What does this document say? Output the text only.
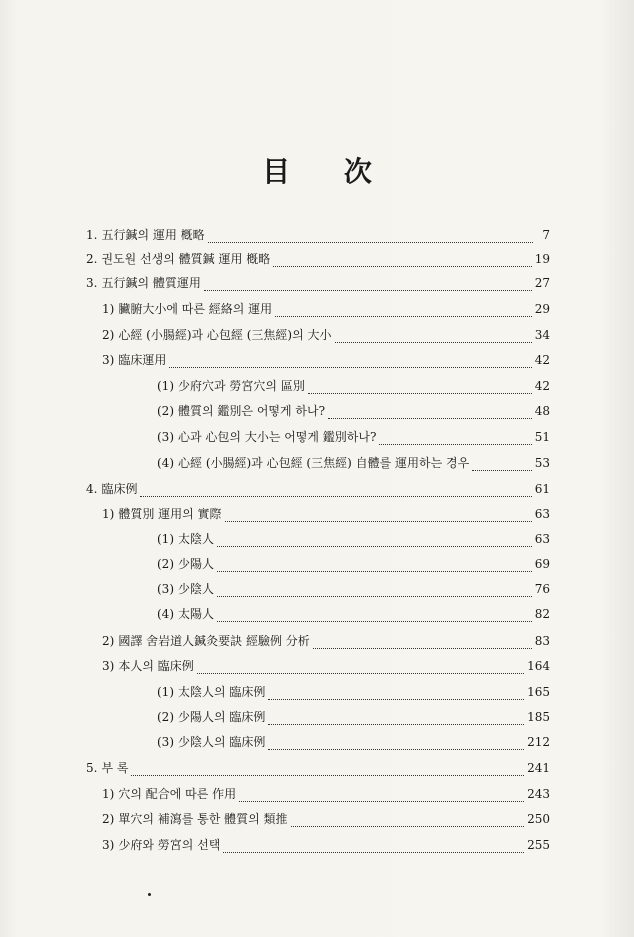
目 次
1. 五行鍼의 運用 槪略	7
2. 권도원 선생의 體質鍼 運用 槪略	19
3. 五行鍼의 體質運用	27
1) 臟腑大小에 따른 經絡의 運用	29
2) 心經 (小腸經)과 心包經 (三焦經)의 大小	34
3) 臨床運用	42
(1) 少府穴과 勞宮穴의 區別	42
(2) 體質의 鑑別은 어떻게 하나?	48
(3) 心과 心包의 大小는 어떻게 鑑別하나?	51
(4) 心經 (小腸經)과 心包經 (三焦經) 自體를 運用하는 경우	53
4. 臨床例	61
1) 體質別 運用의 實際	63
(1) 太陰人	63
(2) 少陽人	69
(3) 少陰人	76
(4) 太陽人	82
2) 國譯 舍岩道人鍼灸要訣 經驗例 分析	83
3) 本人의 臨床例	164
(1) 太陰人의 臨床例	165
(2) 少陽人의 臨床例	185
(3) 少陰人의 臨床例	212
5. 부 록	241
1) 穴의 配合에 따른 作用	243
2) 單穴의 補瀉를 통한 體質의 類推	250
3) 少府와 勞宮의 선택	255
